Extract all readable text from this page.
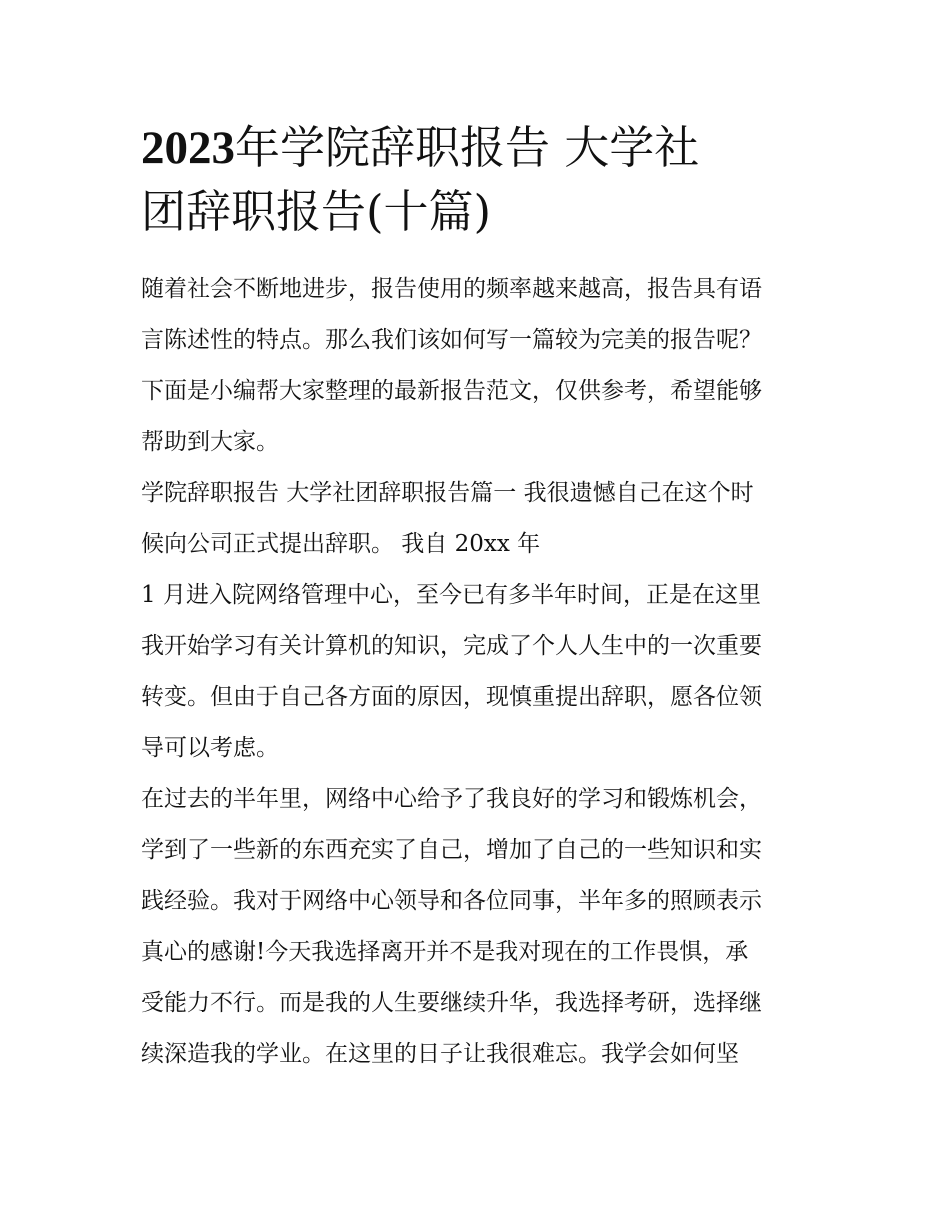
2023年学院辞职报告 大学社
团辞职报告(十篇)

随着社会不断地进步，报告使用的频率越来越高，报告具有语
言陈述性的特点。那么我们该如何写一篇较为完美的报告呢？
下面是小编帮大家整理的最新报告范文，仅供参考，希望能够
帮助到大家。

学院辞职报告 大学社团辞职报告篇一 我很遗憾自己在这个时
候向公司正式提出辞职。 我自 20xx 年

1 月进入院网络管理中心，至今已有多半年时间，正是在这里
我开始学习有关计算机的知识，完成了个人人生中的一次重要
转变。但由于自己各方面的原因，现慎重提出辞职，愿各位领
导可以考虑。

在过去的半年里，网络中心给予了我良好的学习和锻炼机会，
学到了一些新的东西充实了自己，增加了自己的一些知识和实
践经验。我对于网络中心领导和各位同事，半年多的照顾表示
真心的感谢!今天我选择离开并不是我对现在的工作畏惧，承
受能力不行。而是我的人生要继续升华，我选择考研，选择继
续深造我的学业。在这里的日子让我很难忘。我学会如何坚
